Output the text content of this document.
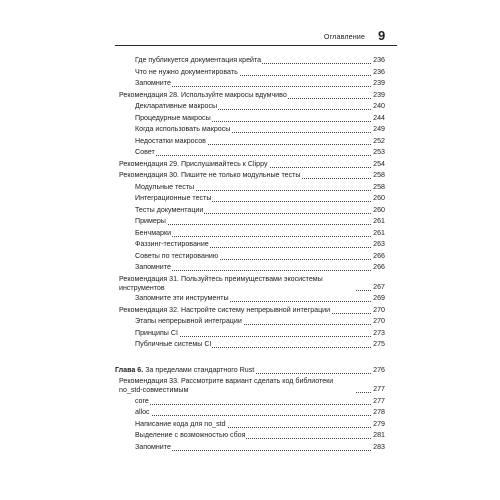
Оглавление 9
Где публикуется документация крейта	236
Что не нужно документировать	236
Запомните	239
Рекомендация 28. Используйте макросы вдумчиво	239
Декларативные макросы	240
Процедурные макросы	244
Когда использовать макросы	249
Недостатки макросов	252
Совет	253
Рекомендация 29. Прислушивайтесь к Clippy	254
Рекомендация 30. Пишите не только модульные тесты	258
Модульные тесты	258
Интеграционные тесты	260
Тесты документации	260
Примеры	261
Бенчмарки	261
Фаззинг-тестирование	263
Советы по тестированию	266
Запомните	266
Рекомендация 31. Пользуйтесь преимуществами экосистемы инструментов	267
Запомните эти инструменты	269
Рекомендация 32. Настройте систему непрерывной интеграции	270
Этапы непрерывной интеграции	270
Принципы CI	273
Публичные системы CI	275
Глава 6. За пределами стандартного Rust	276
Рекомендация 33. Рассмотрите вариант сделать код библиотеки no_std-совместимым	277
core	277
alloc	278
Написание кода для no_std	279
Выделение с возможностью сбоя	281
Запомните	283
